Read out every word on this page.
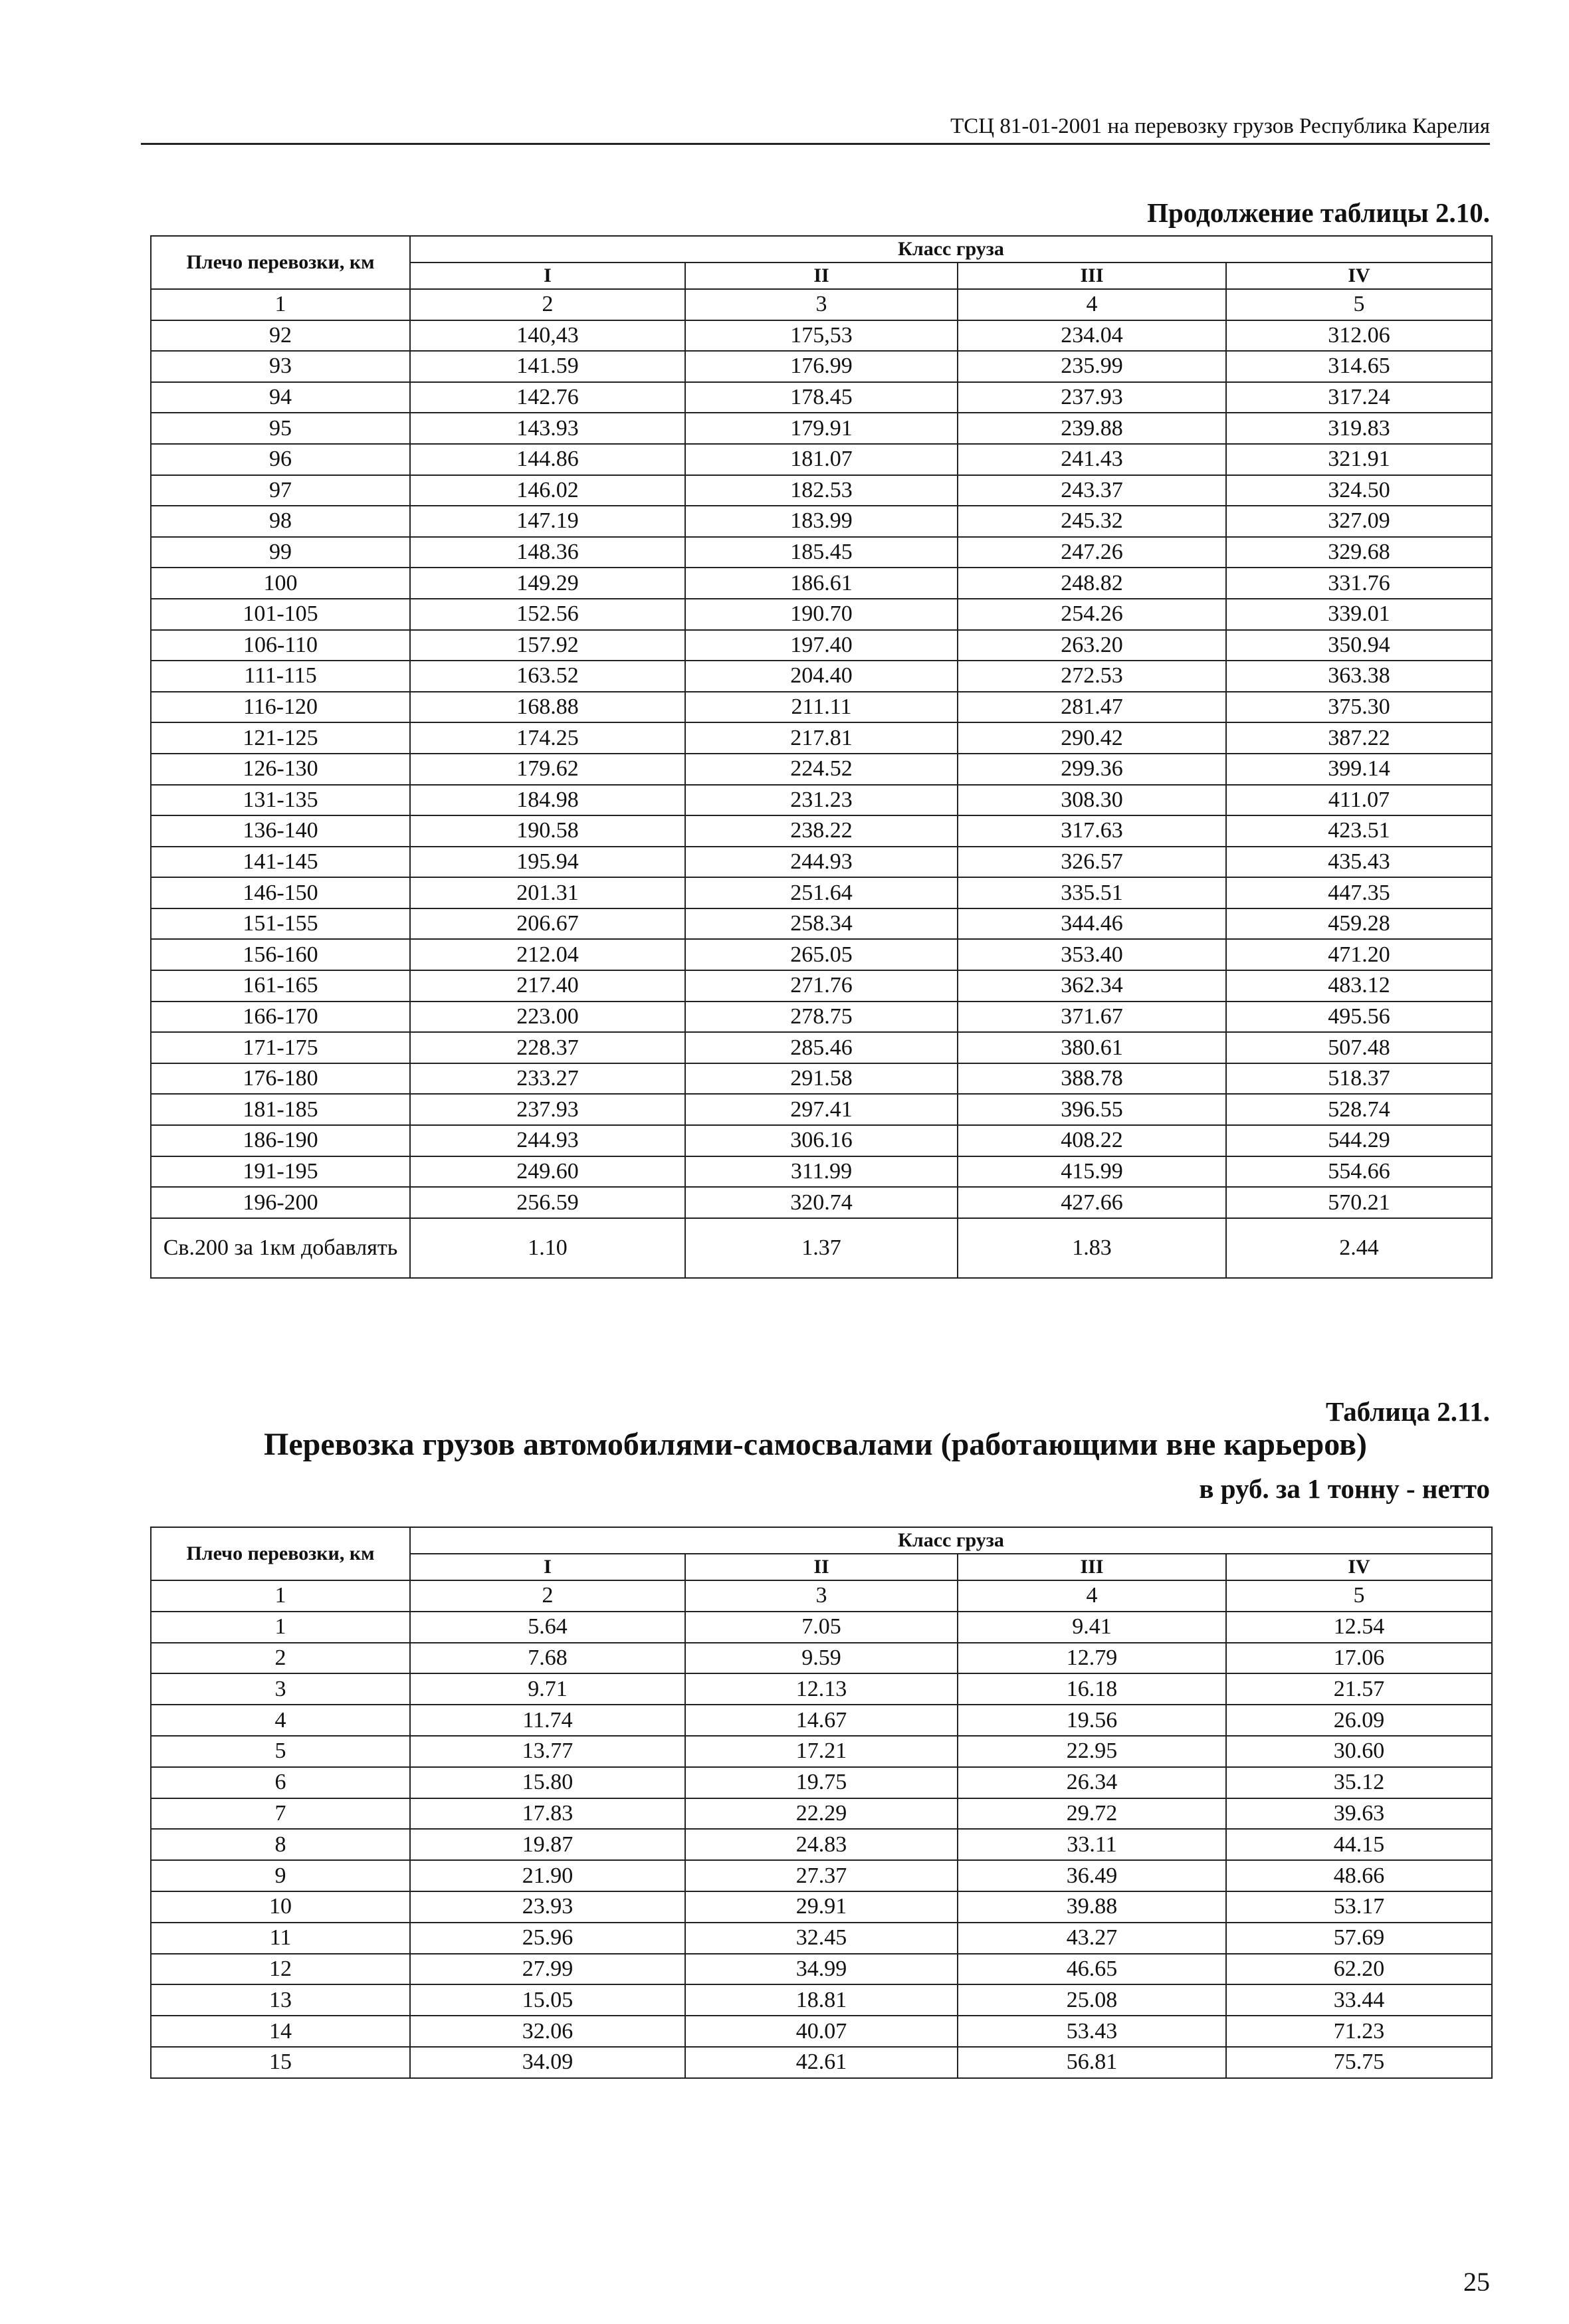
ТСЦ 81-01-2001 на перевозку грузов Республика Карелия
Продолжение таблицы 2.10.
Плечо перевозки, км	Класс груза			
	I	II	III	IV
1	2	3	4	5
92	140,43	175,53	234.04	312.06
93	141.59	176.99	235.99	314.65
94	142.76	178.45	237.93	317.24
95	143.93	179.91	239.88	319.83
96	144.86	181.07	241.43	321.91
97	146.02	182.53	243.37	324.50
98	147.19	183.99	245.32	327.09
99	148.36	185.45	247.26	329.68
100	149.29	186.61	248.82	331.76
101-105	152.56	190.70	254.26	339.01
106-110	157.92	197.40	263.20	350.94
111-115	163.52	204.40	272.53	363.38
116-120	168.88	211.11	281.47	375.30
121-125	174.25	217.81	290.42	387.22
126-130	179.62	224.52	299.36	399.14
131-135	184.98	231.23	308.30	411.07
136-140	190.58	238.22	317.63	423.51
141-145	195.94	244.93	326.57	435.43
146-150	201.31	251.64	335.51	447.35
151-155	206.67	258.34	344.46	459.28
156-160	212.04	265.05	353.40	471.20
161-165	217.40	271.76	362.34	483.12
166-170	223.00	278.75	371.67	495.56
171-175	228.37	285.46	380.61	507.48
176-180	233.27	291.58	388.78	518.37
181-185	237.93	297.41	396.55	528.74
186-190	244.93	306.16	408.22	544.29
191-195	249.60	311.99	415.99	554.66
196-200	256.59	320.74	427.66	570.21
Св.200 за 1км добавлять	1.10	1.37	1.83	2.44
Таблица 2.11.
Перевозка грузов автомобилями-самосвалами (работающими вне карьеров)
в руб. за 1 тонну - нетто
Плечо перевозки, км	Класс груза			
	I	II	III	IV
1	2	3	4	5
1	5.64	7.05	9.41	12.54
2	7.68	9.59	12.79	17.06
3	9.71	12.13	16.18	21.57
4	11.74	14.67	19.56	26.09
5	13.77	17.21	22.95	30.60
6	15.80	19.75	26.34	35.12
7	17.83	22.29	29.72	39.63
8	19.87	24.83	33.11	44.15
9	21.90	27.37	36.49	48.66
10	23.93	29.91	39.88	53.17
11	25.96	32.45	43.27	57.69
12	27.99	34.99	46.65	62.20
13	15.05	18.81	25.08	33.44
14	32.06	40.07	53.43	71.23
15	34.09	42.61	56.81	75.75
25
